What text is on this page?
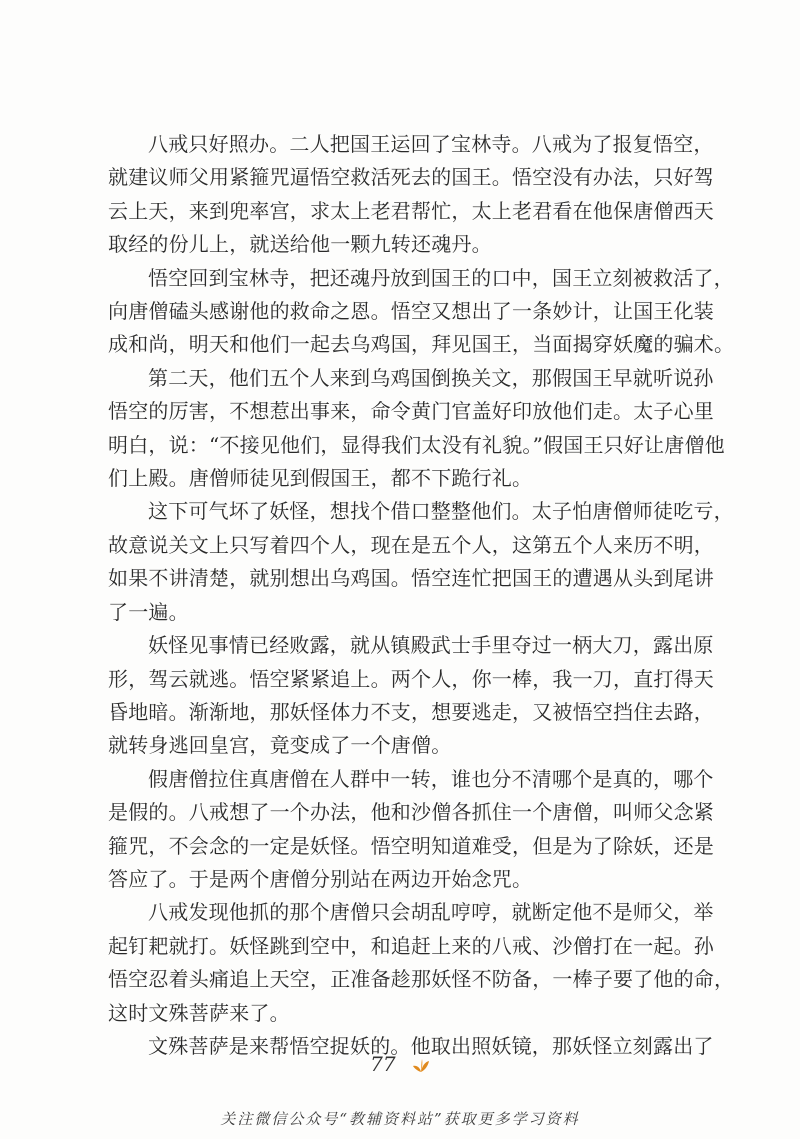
八戒只好照办。二人把国王运回了宝林寺。八戒为了报复悟空，
就建议师父用紧箍咒逼悟空救活死去的国王。悟空没有办法，只好驾
云上天，来到兜率宫，求太上老君帮忙，太上老君看在他保唐僧西天
取经的份儿上，就送给他一颗九转还魂丹。

悟空回到宝林寺，把还魂丹放到国王的口中，国王立刻被救活了，
向唐僧磕头感谢他的救命之恩。悟空又想出了一条妙计，让国王化装
成和尚，明天和他们一起去乌鸡国，拜见国王，当面揭穿妖魔的骗术。

第二天，他们五个人来到乌鸡国倒换关文，那假国王早就听说孙
悟空的厉害，不想惹出事来，命令黄门官盖好印放他们走。太子心里
明白，说：“不接见他们，显得我们太没有礼貌。”假国王只好让唐僧他
们上殿。唐僧师徒见到假国王，都不下跪行礼。

这下可气坏了妖怪，想找个借口整整他们。太子怕唐僧师徒吃亏，
故意说关文上只写着四个人，现在是五个人，这第五个人来历不明，
如果不讲清楚，就别想出乌鸡国。悟空连忙把国王的遭遇从头到尾讲
了一遍。

妖怪见事情已经败露，就从镇殿武士手里夺过一柄大刀，露出原
形，驾云就逃。悟空紧紧追上。两个人，你一棒，我一刀，直打得天
昏地暗。渐渐地，那妖怪体力不支，想要逃走，又被悟空挡住去路，
就转身逃回皇宫，竟变成了一个唐僧。

假唐僧拉住真唐僧在人群中一转，谁也分不清哪个是真的，哪个
是假的。八戒想了一个办法，他和沙僧各抓住一个唐僧，叫师父念紧
箍咒，不会念的一定是妖怪。悟空明知道难受，但是为了除妖，还是
答应了。于是两个唐僧分别站在两边开始念咒。

八戒发现他抓的那个唐僧只会胡乱哼哼，就断定他不是师父，举
起钉耙就打。妖怪跳到空中，和追赶上来的八戒、沙僧打在一起。孙
悟空忍着头痛追上天空，正准备趁那妖怪不防备，一棒子要了他的命，
这时文殊菩萨来了。

文殊菩萨是来帮悟空捉妖的。他取出照妖镜，那妖怪立刻露出了

77
关注微信公众号“教辅资料站”获取更多学习资料
